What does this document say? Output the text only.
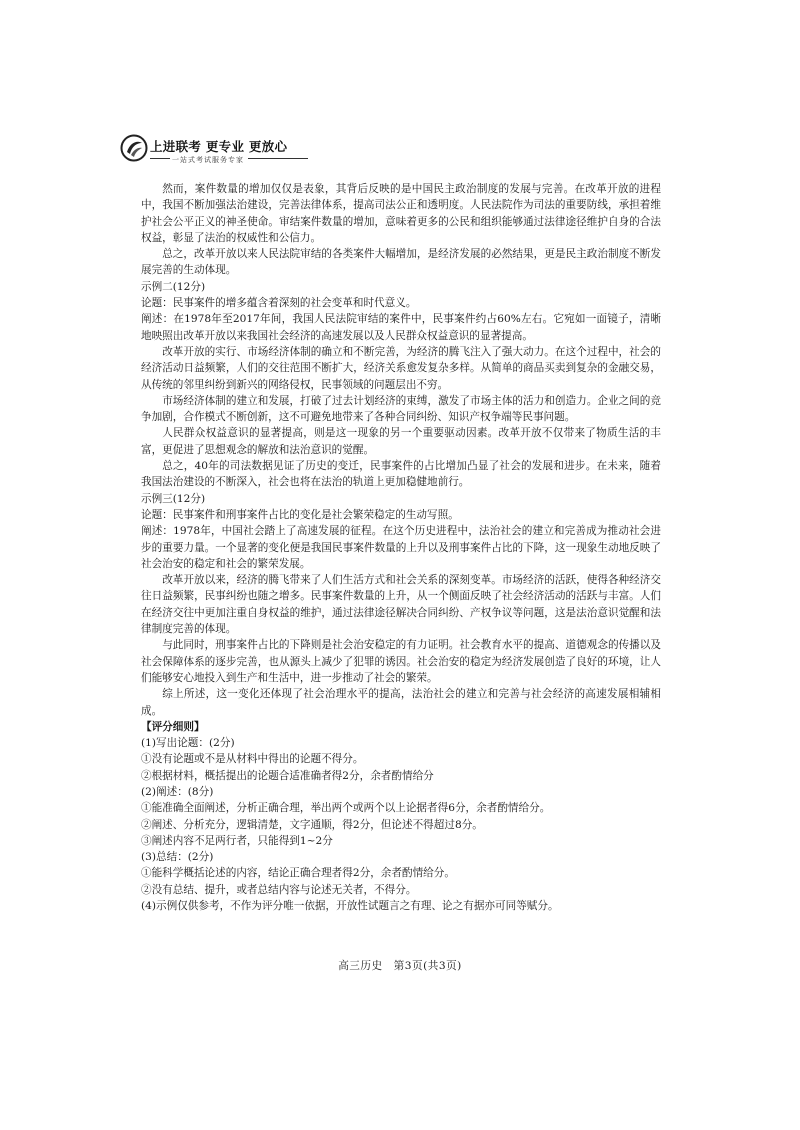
上进联考 更专业 更放心
一站式考试服务专家

然而，案件数量的增加仅仅是表象，其背后反映的是中国民主政治制度的发展与完善。在改革开放的进程中，我国不断加强法治建设，完善法律体系，提高司法公正和透明度。人民法院作为司法的重要防线，承担着维护社会公平正义的神圣使命。审结案件数量的增加，意味着更多的公民和组织能够通过法律途径维护自身的合法权益，彰显了法治的权威性和公信力。

总之，改革开放以来人民法院审结的各类案件大幅增加，是经济发展的必然结果，更是民主政治制度不断发展完善的生动体现。

示例二(12分)

论题：民事案件的增多蕴含着深刻的社会变革和时代意义。

阐述：在1978年至2017年间，我国人民法院审结的案件中，民事案件约占60%左右。它宛如一面镜子，清晰地映照出改革开放以来我国社会经济的高速发展以及人民群众权益意识的显著提高。

改革开放的实行、市场经济体制的确立和不断完善，为经济的腾飞注入了强大动力。在这个过程中，社会的经济活动日益频繁，人们的交往范围不断扩大，经济关系愈发复杂多样。从简单的商品买卖到复杂的金融交易，从传统的邻里纠纷到新兴的网络侵权，民事领域的问题层出不穷。

市场经济体制的建立和发展，打破了过去计划经济的束缚，激发了市场主体的活力和创造力。企业之间的竞争加剧，合作模式不断创新，这不可避免地带来了各种合同纠纷、知识产权争端等民事问题。

人民群众权益意识的显著提高，则是这一现象的另一个重要驱动因素。改革开放不仅带来了物质生活的丰富，更促进了思想观念的解放和法治意识的觉醒。

总之，40年的司法数据见证了历史的变迁，民事案件的占比增加凸显了社会的发展和进步。在未来，随着我国法治建设的不断深入，社会也将在法治的轨道上更加稳健地前行。

示例三(12分)

论题：民事案件和刑事案件占比的变化是社会繁荣稳定的生动写照。

阐述：1978年，中国社会踏上了高速发展的征程。在这个历史进程中，法治社会的建立和完善成为推动社会进步的重要力量。一个显著的变化便是我国民事案件数量的上升以及刑事案件占比的下降，这一现象生动地反映了社会治安的稳定和社会的繁荣发展。

改革开放以来，经济的腾飞带来了人们生活方式和社会关系的深刻变革。市场经济的活跃，使得各种经济交往日益频繁，民事纠纷也随之增多。民事案件数量的上升，从一个侧面反映了社会经济活动的活跃与丰富。人们在经济交往中更加注重自身权益的维护，通过法律途径解决合同纠纷、产权争议等问题，这是法治意识觉醒和法律制度完善的体现。

与此同时，刑事案件占比的下降则是社会治安稳定的有力证明。社会教育水平的提高、道德观念的传播以及社会保障体系的逐步完善，也从源头上减少了犯罪的诱因。社会治安的稳定为经济发展创造了良好的环境，让人们能够安心地投入到生产和生活中，进一步推动了社会的繁荣。

综上所述，这一变化还体现了社会治理水平的提高，法治社会的建立和完善与社会经济的高速发展相辅相成。

【评分细则】

(1)写出论题：(2分)

①没有论题或不是从材料中得出的论题不得分。

②根据材料，概括提出的论题合适准确者得2分，余者酌情给分

(2)阐述：(8分)

①能准确全面阐述，分析正确合理，举出两个或两个以上论据者得6分，余者酌情给分。

②阐述、分析充分，逻辑清楚，文字通顺，得2分，但论述不得超过8分。

③阐述内容不足两行者，只能得到1~2分

(3)总结：(2分)

①能科学概括论述的内容，结论正确合理者得2分，余者酌情给分。

②没有总结、提升，或者总结内容与论述无关者，不得分。

(4)示例仅供参考，不作为评分唯一依据，开放性试题言之有理、论之有据亦可同等赋分。

高三历史　第3页(共3页)
